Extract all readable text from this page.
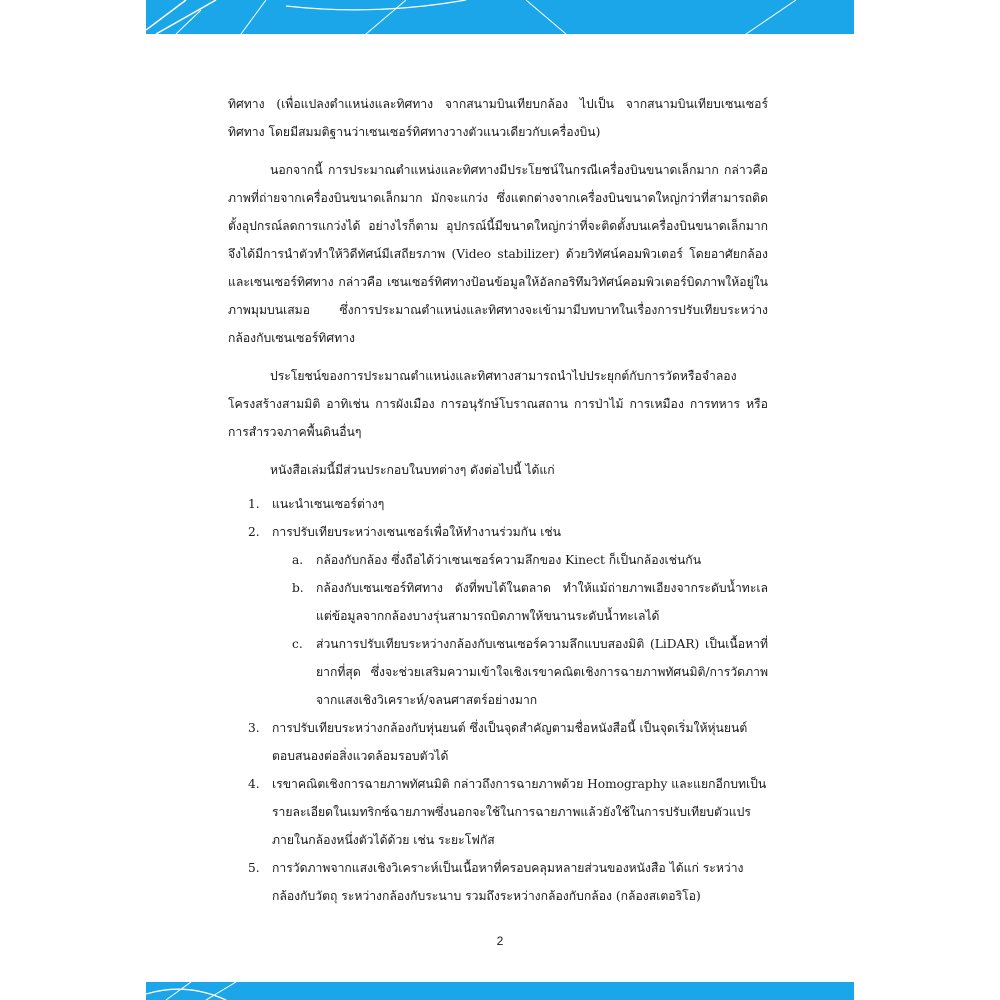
ทิศทาง (เพื่อแปลงตำแหน่งและทิศทาง จากสนามบินเทียบกล้อง ไปเป็น จากสนามบินเทียบเซนเซอร์ทิศทาง โดยมีสมมติฐานว่าเซนเซอร์ทิศทางวางตัวแนวเดียวกับเครื่องบิน)

นอกจากนี้ การประมาณตำแหน่งและทิศทางมีประโยชน์ในกรณีเครื่องบินขนาดเล็กมาก กล่าวคือ ภาพที่ถ่ายจากเครื่องบินขนาดเล็กมาก มักจะแกว่ง ซึ่งแตกต่างจากเครื่องบินขนาดใหญ่กว่าที่สามารถติดตั้งอุปกรณ์ลดการแกว่งได้ อย่างไรก็ตาม อุปกรณ์นี้มีขนาดใหญ่กว่าที่จะติดตั้งบนเครื่องบินขนาดเล็กมาก จึงได้มีการนำตัวทำให้วิดีทัศน์มีเสถียรภาพ (Video stabilizer) ด้วยวิทัศน์คอมพิวเตอร์ โดยอาศัยกล้องและเซนเซอร์ทิศทาง กล่าวคือ เซนเซอร์ทิศทางป้อนข้อมูลให้อัลกอริทึมวิทัศน์คอมพิวเตอร์บิดภาพให้อยู่ในภาพมุมบนเสมอ ซึ่งการประมาณตำแหน่งและทิศทางจะเข้ามามีบทบาทในเรื่องการปรับเทียบระหว่างกล้องกับเซนเซอร์ทิศทาง

ประโยชน์ของการประมาณตำแหน่งและทิศทางสามารถนำไปประยุกต์กับการวัดหรือจำลองโครงสร้างสามมิติ อาทิเช่น การผังเมือง การอนุรักษ์โบราณสถาน การป่าไม้ การเหมือง การทหาร หรือการสำรวจภาคพื้นดินอื่นๆ

หนังสือเล่มนี้มีส่วนประกอบในบทต่างๆ ดังต่อไปนี้ ได้แก่

1.	แนะนำเซนเซอร์ต่างๆ
2.	การปรับเทียบระหว่างเซนเซอร์เพื่อให้ทำงานร่วมกัน เช่น
a. กล้องกับกล้อง ซึ่งถือได้ว่าเซนเซอร์ความลึกของ Kinect ก็เป็นกล้องเช่นกัน
b. กล้องกับเซนเซอร์ทิศทาง ดังที่พบได้ในตลาด ทำให้แม้ถ่ายภาพเอียงจากระดับน้ำทะเล แต่ข้อมูลจากกล้องบางรุ่นสามารถบิดภาพให้ขนานระดับน้ำทะเลได้
c. ส่วนการปรับเทียบระหว่างกล้องกับเซนเซอร์ความลึกแบบสองมิติ (LiDAR) เป็นเนื้อหาที่ยากที่สุด ซึ่งจะช่วยเสริมความเข้าใจเชิงเรขาคณิตเชิงการฉายภาพทัศนมิติ/การวัดภาพจากแสงเชิงวิเคราะห์/จลนศาสตร์อย่างมาก
3.	การปรับเทียบระหว่างกล้องกับหุ่นยนต์ ซึ่งเป็นจุดสำคัญตามชื่อหนังสือนี้ เป็นจุดเริ่มให้หุ่นยนต์ตอบสนองต่อสิ่งแวดล้อมรอบตัวได้
4.	เรขาคณิตเชิงการฉายภาพทัศนมิติ กล่าวถึงการฉายภาพด้วย Homography และแยกอีกบทเป็นรายละเอียดในเมทริกซ์ฉายภาพซึ่งนอกจะใช้ในการฉายภาพแล้วยังใช้ในการปรับเทียบตัวแปรภายในกล้องหนึ่งตัวได้ด้วย เช่น ระยะโฟกัส
5.	การวัดภาพจากแสงเชิงวิเคราะห์เป็นเนื้อหาที่ครอบคลุมหลายส่วนของหนังสือ ได้แก่ ระหว่างกล้องกับวัตถุ ระหว่างกล้องกับระนาบ รวมถึงระหว่างกล้องกับกล้อง (กล้องสเตอริโอ)
2
